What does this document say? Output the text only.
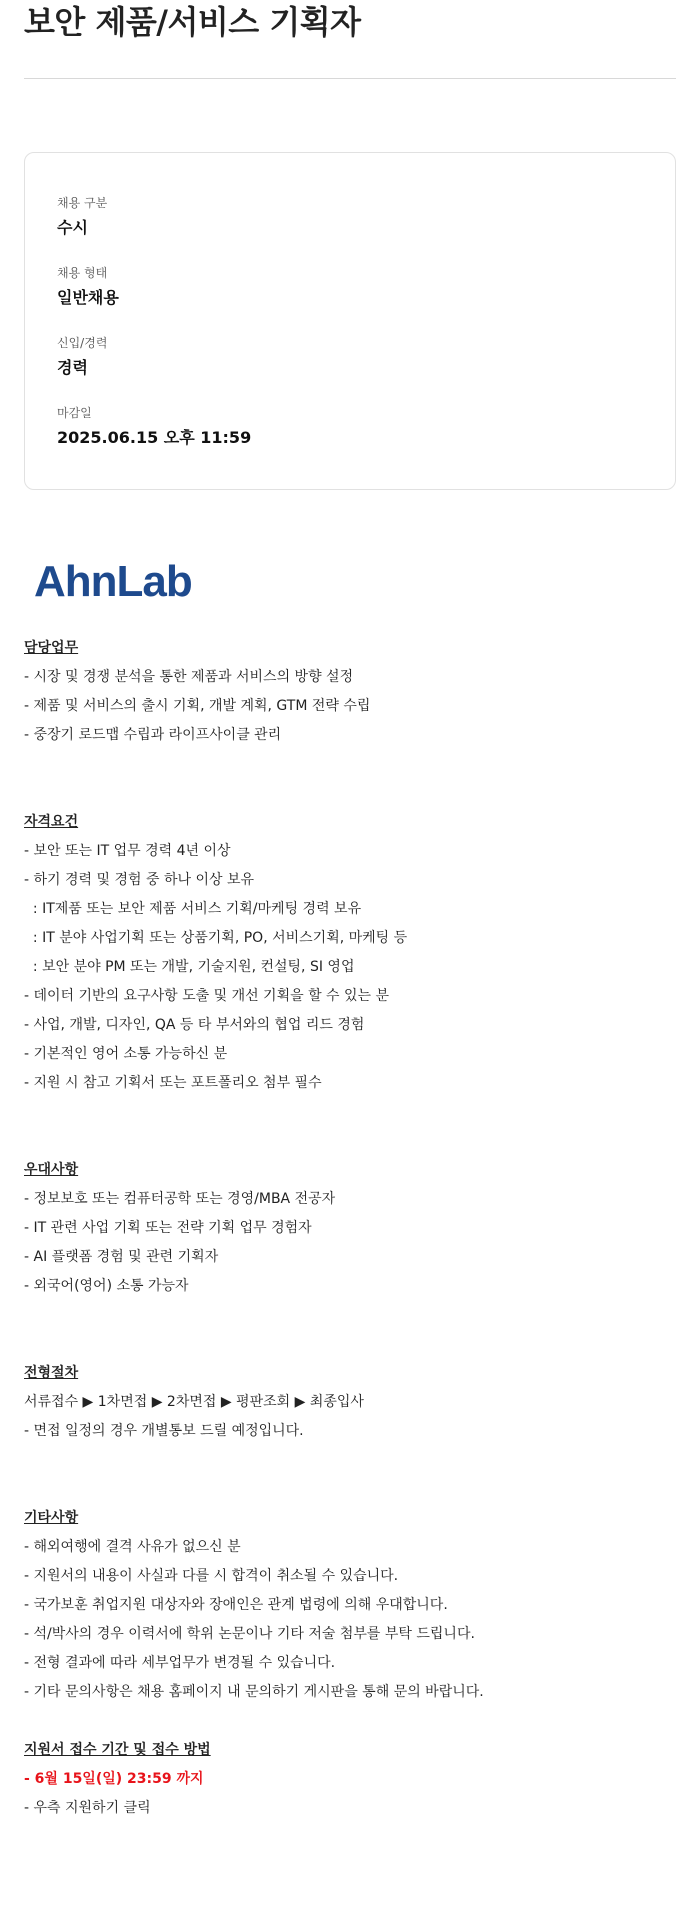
보안 제품/서비스 기획자
채용 구분
수시
채용 형태
일반채용
신입/경력
경력
마감일
2025.06.15 오후 11:59
AhnLab
담당업무
- 시장 및 경쟁 분석을 통한 제품과 서비스의 방향 설정
- 제품 및 서비스의 출시 기획, 개발 계획, GTM 전략 수립
- 중장기 로드맵 수립과 라이프사이클 관리
자격요건
- 보안 또는 IT 업무 경력 4년 이상
- 하기 경력 및 경험 중 하나 이상 보유
: IT제품 또는 보안 제품 서비스 기획/마케팅 경력 보유
: IT 분야 사업기획 또는 상품기획, PO, 서비스기획, 마케팅 등
: 보안 분야 PM 또는 개발, 기술지원, 컨설팅, SI 영업
- 데이터 기반의 요구사항 도출 및 개선 기획을 할 수 있는 분
- 사업, 개발, 디자인, QA 등 타 부서와의 협업 리드 경험
- 기본적인 영어 소통 가능하신 분
- 지원 시 참고 기획서 또는 포트폴리오 첨부 필수
우대사항
- 정보보호 또는 컴퓨터공학 또는 경영/MBA 전공자
- IT 관련 사업 기획 또는 전략 기획 업무 경험자
- AI 플랫폼 경험 및 관련 기획자
- 외국어(영어) 소통 가능자
전형절차
서류접수 ▶ 1차면접 ▶ 2차면접 ▶ 평판조회 ▶ 최종입사
- 면접 일정의 경우 개별통보 드릴 예정입니다.
기타사항
- 해외여행에 결격 사유가 없으신 분
- 지원서의 내용이 사실과 다를 시 합격이 취소될 수 있습니다.
- 국가보훈 취업지원 대상자와 장애인은 관계 법령에 의해 우대합니다.
- 석/박사의 경우 이력서에 학위 논문이나 기타 저술 첨부를 부탁 드립니다.
- 전형 결과에 따라 세부업무가 변경될 수 있습니다.
- 기타 문의사항은 채용 홈페이지 내 문의하기 게시판을 통해 문의 바랍니다.
지원서 접수 기간 및 접수 방법
- 6월 15일(일) 23:59 까지
- 우측 지원하기 클릭
